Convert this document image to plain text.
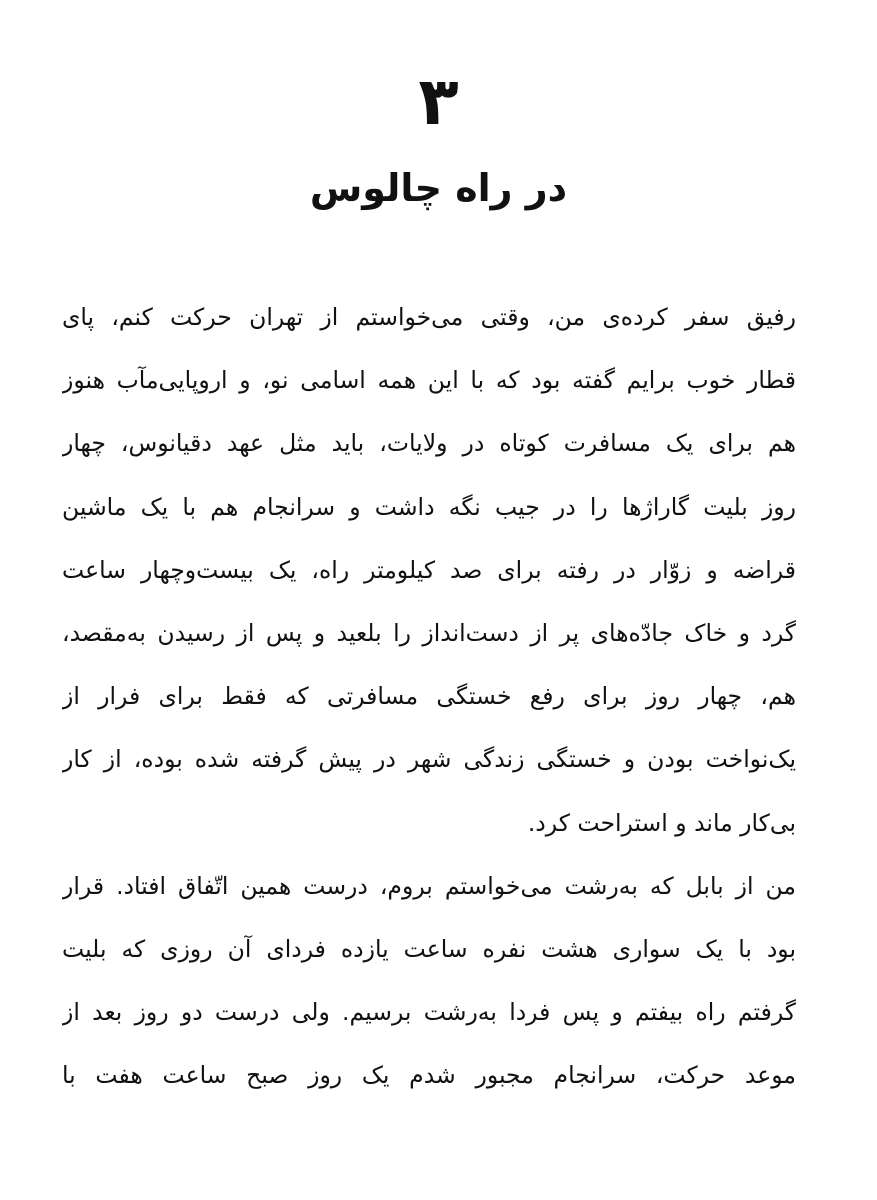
۳
در راه چالوس
رفیق سفر کرده‌ی من، وقتی می‌خواستم از تهران حرکت کنم، پای
قطار خوب برایم گفته بود که با این همه اسامی نو، و اروپایی‌مآب هنوز
هم برای یک مسافرت کوتاه در ولایات، باید مثل عهد دقیانوس، چهار
روز بلیت گاراژها را در جیب نگه داشت و سرانجام هم با یک ماشین
قراضه و زوّار در رفته برای صد کیلومتر راه، یک بیست‌وچهار ساعت
گرد و خاک جادّه‌های پر از دست‌انداز را بلعید و پس از رسیدن به‌مقصد،
هم، چهار روز برای رفع خستگی مسافرتی که فقط برای فرار از
یک‌نواخت بودن و خستگی زندگی شهر در پیش گرفته شده بوده، از کار
بی‌کار ماند و استراحت کرد.
من از بابل که به‌رشت می‌خواستم بروم، درست همین اتّفاق افتاد. قرار
بود با یک سواری هشت نفره ساعت یازده فردای آن روزی که بلیت
گرفتم راه بیفتم و پس فردا به‌رشت برسیم. ولی درست دو روز بعد از
موعد حرکت، سرانجام مجبور شدم یک روز صبح ساعت هفت با
